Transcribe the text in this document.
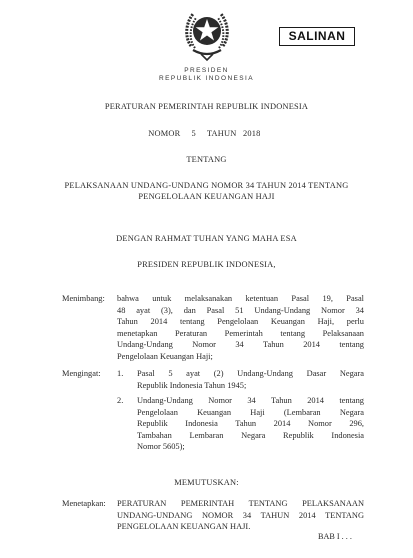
SALINAN
PRESIDEN
REPUBLIK INDONESIA
PERATURAN PEMERINTAH REPUBLIK INDONESIA
NOMOR 5 TAHUN 2018
TENTANG
PELAKSANAAN UNDANG-UNDANG NOMOR 34 TAHUN 2014 TENTANG
PENGELOLAAN KEUANGAN HAJI
DENGAN RAHMAT TUHAN YANG MAHA ESA
PRESIDEN REPUBLIK INDONESIA,
Menimbang: bahwa untuk melaksanakan ketentuan Pasal 19, Pasal
48 ayat (3), dan Pasal 51 Undang-Undang Nomor 34
Tahun 2014 tentang Pengelolaan Keuangan Haji, perlu
menetapkan Peraturan Pemerintah tentang Pelaksanaan
Undang-Undang Nomor 34 Tahun 2014 tentang
Pengelolaan Keuangan Haji;
Mengingat: 1. Pasal 5 ayat (2) Undang-Undang Dasar Negara
Republik Indonesia Tahun 1945;
2. Undang-Undang Nomor 34 Tahun 2014 tentang
Pengelolaan Keuangan Haji (Lembaran Negara
Republik Indonesia Tahun 2014 Nomor 296,
Tambahan Lembaran Negara Republik Indonesia
Nomor 5605);
MEMUTUSKAN:
Menetapkan: PERATURAN PEMERINTAH TENTANG PELAKSANAAN
UNDANG-UNDANG NOMOR 34 TAHUN 2014 TENTANG
PENGELOLAAN KEUANGAN HAJI.
BAB I . . .
